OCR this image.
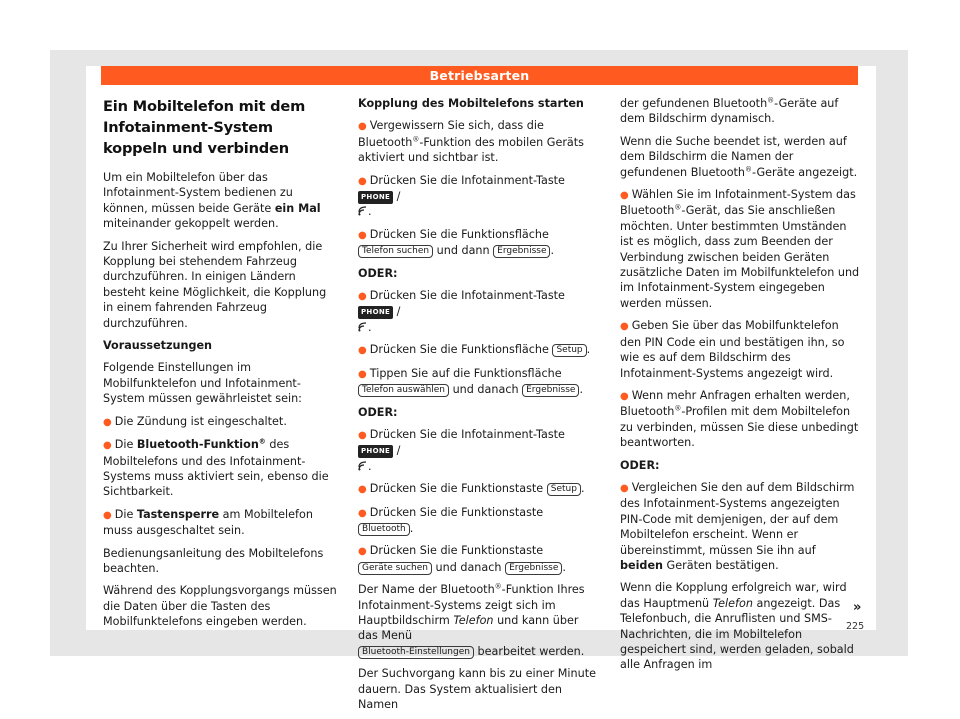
Betriebsarten
Ein Mobiltelefon mit dem Infotainment-System koppeln und verbinden

Um ein Mobiltelefon über das Infotainment-System bedienen zu können, müssen beide Geräte ein Mal miteinander gekoppelt werden.

Zu Ihrer Sicherheit wird empfohlen, die Kopplung bei stehendem Fahrzeug durchzuführen. In einigen Ländern besteht keine Möglichkeit, die Kopplung in einem fahrenden Fahrzeug durchzuführen.

Voraussetzungen

Folgende Einstellungen im Mobilfunktelefon und Infotainment-System müssen gewährleistet sein:

● Die Zündung ist eingeschaltet.

● Die Bluetooth-Funktion® des Mobiltelefons und des Infotainment-Systems muss aktiviert sein, ebenso die Sichtbarkeit.

● Die Tastensperre am Mobiltelefon muss ausgeschaltet sein.

Bedienungsanleitung des Mobiltelefons beachten.

Während des Kopplungsvorgangs müssen die Daten über die Tasten des Mobilfunktelefons eingeben werden.

Kopplung des Mobiltelefons starten

● Vergewissern Sie sich, dass die Bluetooth®-Funktion des mobilen Geräts aktiviert und sichtbar ist.

● Drücken Sie die Infotainment-Taste PHONE /
.

● Drücken Sie die Funktionsfläche
Telefon suchen und dann Ergebnisse .

ODER:

● Drücken Sie die Infotainment-Taste PHONE /
.

● Drücken Sie die Funktionsfläche Setup .

● Tippen Sie auf die Funktionsfläche
Telefon auswählen und danach Ergebnisse .

ODER:

● Drücken Sie die Infotainment-Taste PHONE /
.

● Drücken Sie die Funktionstaste Setup .

● Drücken Sie die Funktionstaste Bluetooth .

● Drücken Sie die Funktionstaste
Geräte suchen und danach Ergebnisse .

Der Name der Bluetooth®-Funktion Ihres Infotainment-Systems zeigt sich im Hauptbildschirm Telefon und kann über das Menü
Bluetooth-Einstellungen bearbeitet werden.

Der Suchvorgang kann bis zu einer Minute dauern. Das System aktualisiert den Namen

der gefundenen Bluetooth®-Geräte auf dem Bildschirm dynamisch.

Wenn die Suche beendet ist, werden auf dem Bildschirm die Namen der gefundenen Bluetooth®-Geräte angezeigt.

● Wählen Sie im Infotainment-System das Bluetooth®-Gerät, das Sie anschließen möchten. Unter bestimmten Umständen ist es möglich, dass zum Beenden der Verbindung zwischen beiden Geräten zusätzliche Daten im Mobilfunktelefon und im Infotainment-System eingegeben werden müssen.

● Geben Sie über das Mobilfunktelefon den PIN Code ein und bestätigen ihn, so wie es auf dem Bildschirm des Infotainment-Systems angezeigt wird.

● Wenn mehr Anfragen erhalten werden, Bluetooth®-Profilen mit dem Mobiltelefon zu verbinden, müssen Sie diese unbedingt beantworten.

ODER:

● Vergleichen Sie den auf dem Bildschirm des Infotainment-Systems angezeigten PIN-Code mit demjenigen, der auf dem Mobiltelefon erscheint. Wenn er übereinstimmt, müssen Sie ihn auf beiden Geräten bestätigen.

Wenn die Kopplung erfolgreich war, wird das Hauptmenü Telefon angezeigt. Das Telefonbuch, die Anruflisten und SMS- Nachrichten, die im Mobiltelefon gespeichert sind, werden geladen, sobald alle Anfragen im

»
225
